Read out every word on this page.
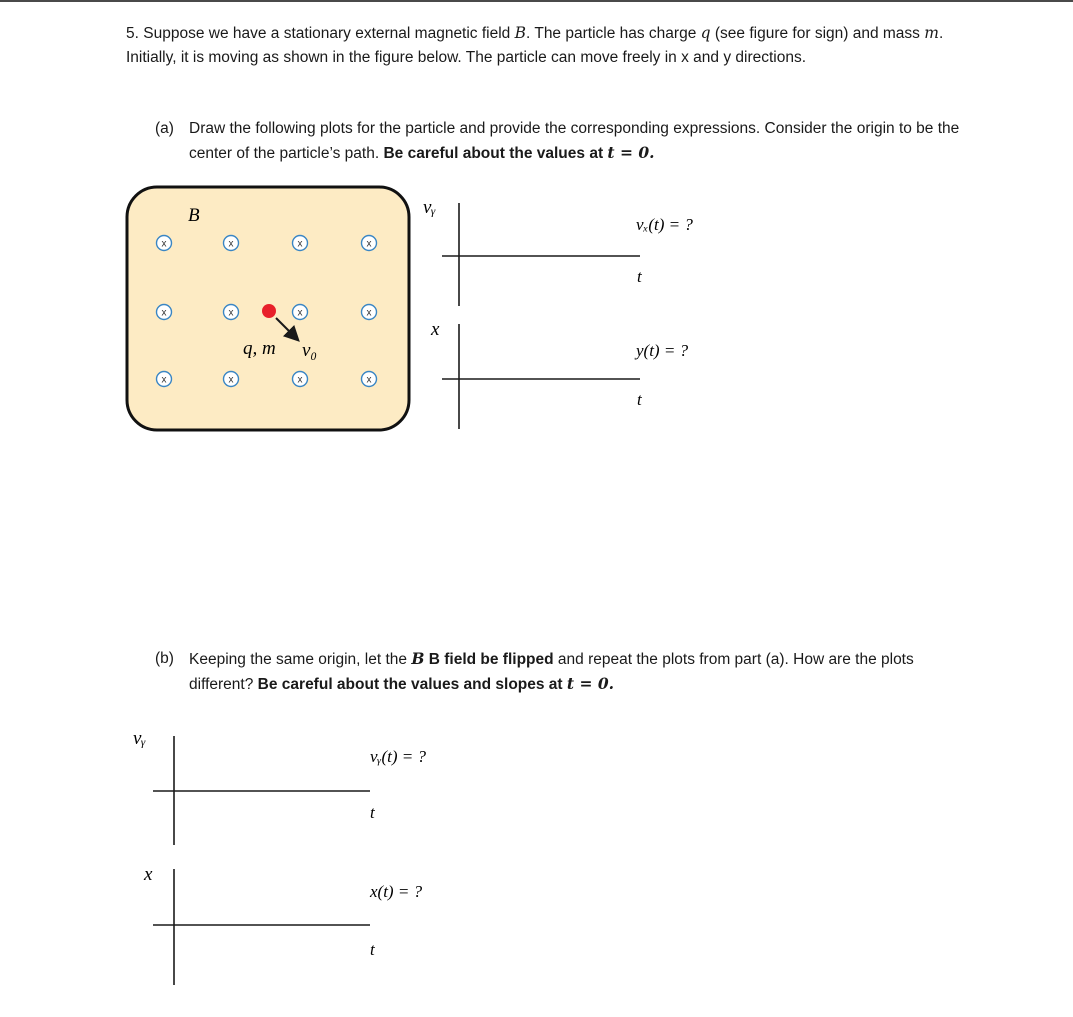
5. Suppose we have a stationary external magnetic field B. The particle has charge q (see figure for sign) and mass m. Initially, it is moving as shown in the figure below. The particle can move freely in x and y directions.
(a) Draw the following plots for the particle and provide the corresponding expressions. Consider the origin to be the center of the particle’s path. Be careful about the values at t = 0.
(b) Keeping the same origin, let the B B field be flipped and repeat the plots from part (a). How are the plots different? Be careful about the values and slopes at t = 0.
B
x	x	x	x
x	x	x	x
x	x	x	x
q, m v₀
vᵧ
vₓ(t) = ?
t
x
y(t) = ?
t
vᵧ
vᵧ(t) = ?
t
x
x(t) = ?
t
